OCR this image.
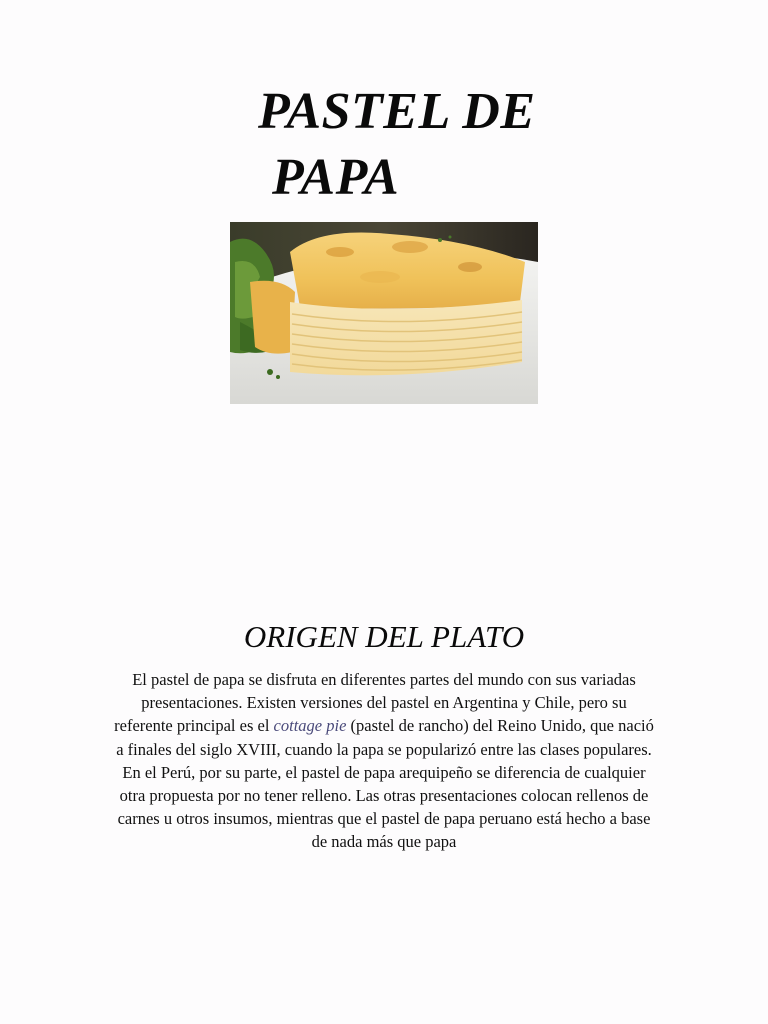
PASTEL DE
PAPA
ORIGEN DEL PLATO
El pastel de papa se disfruta en diferentes partes del mundo con sus variadas
presentaciones. Existen versiones del pastel en Argentina y Chile, pero su
referente principal es el cottage pie (pastel de rancho) del Reino Unido, que nació
a finales del siglo XVIII, cuando la papa se popularizó entre las clases populares.
En el Perú, por su parte, el pastel de papa arequipeño se diferencia de cualquier
otra propuesta por no tener relleno. Las otras presentaciones colocan rellenos de
carnes u otros insumos, mientras que el pastel de papa peruano está hecho a base
de nada más que papa
